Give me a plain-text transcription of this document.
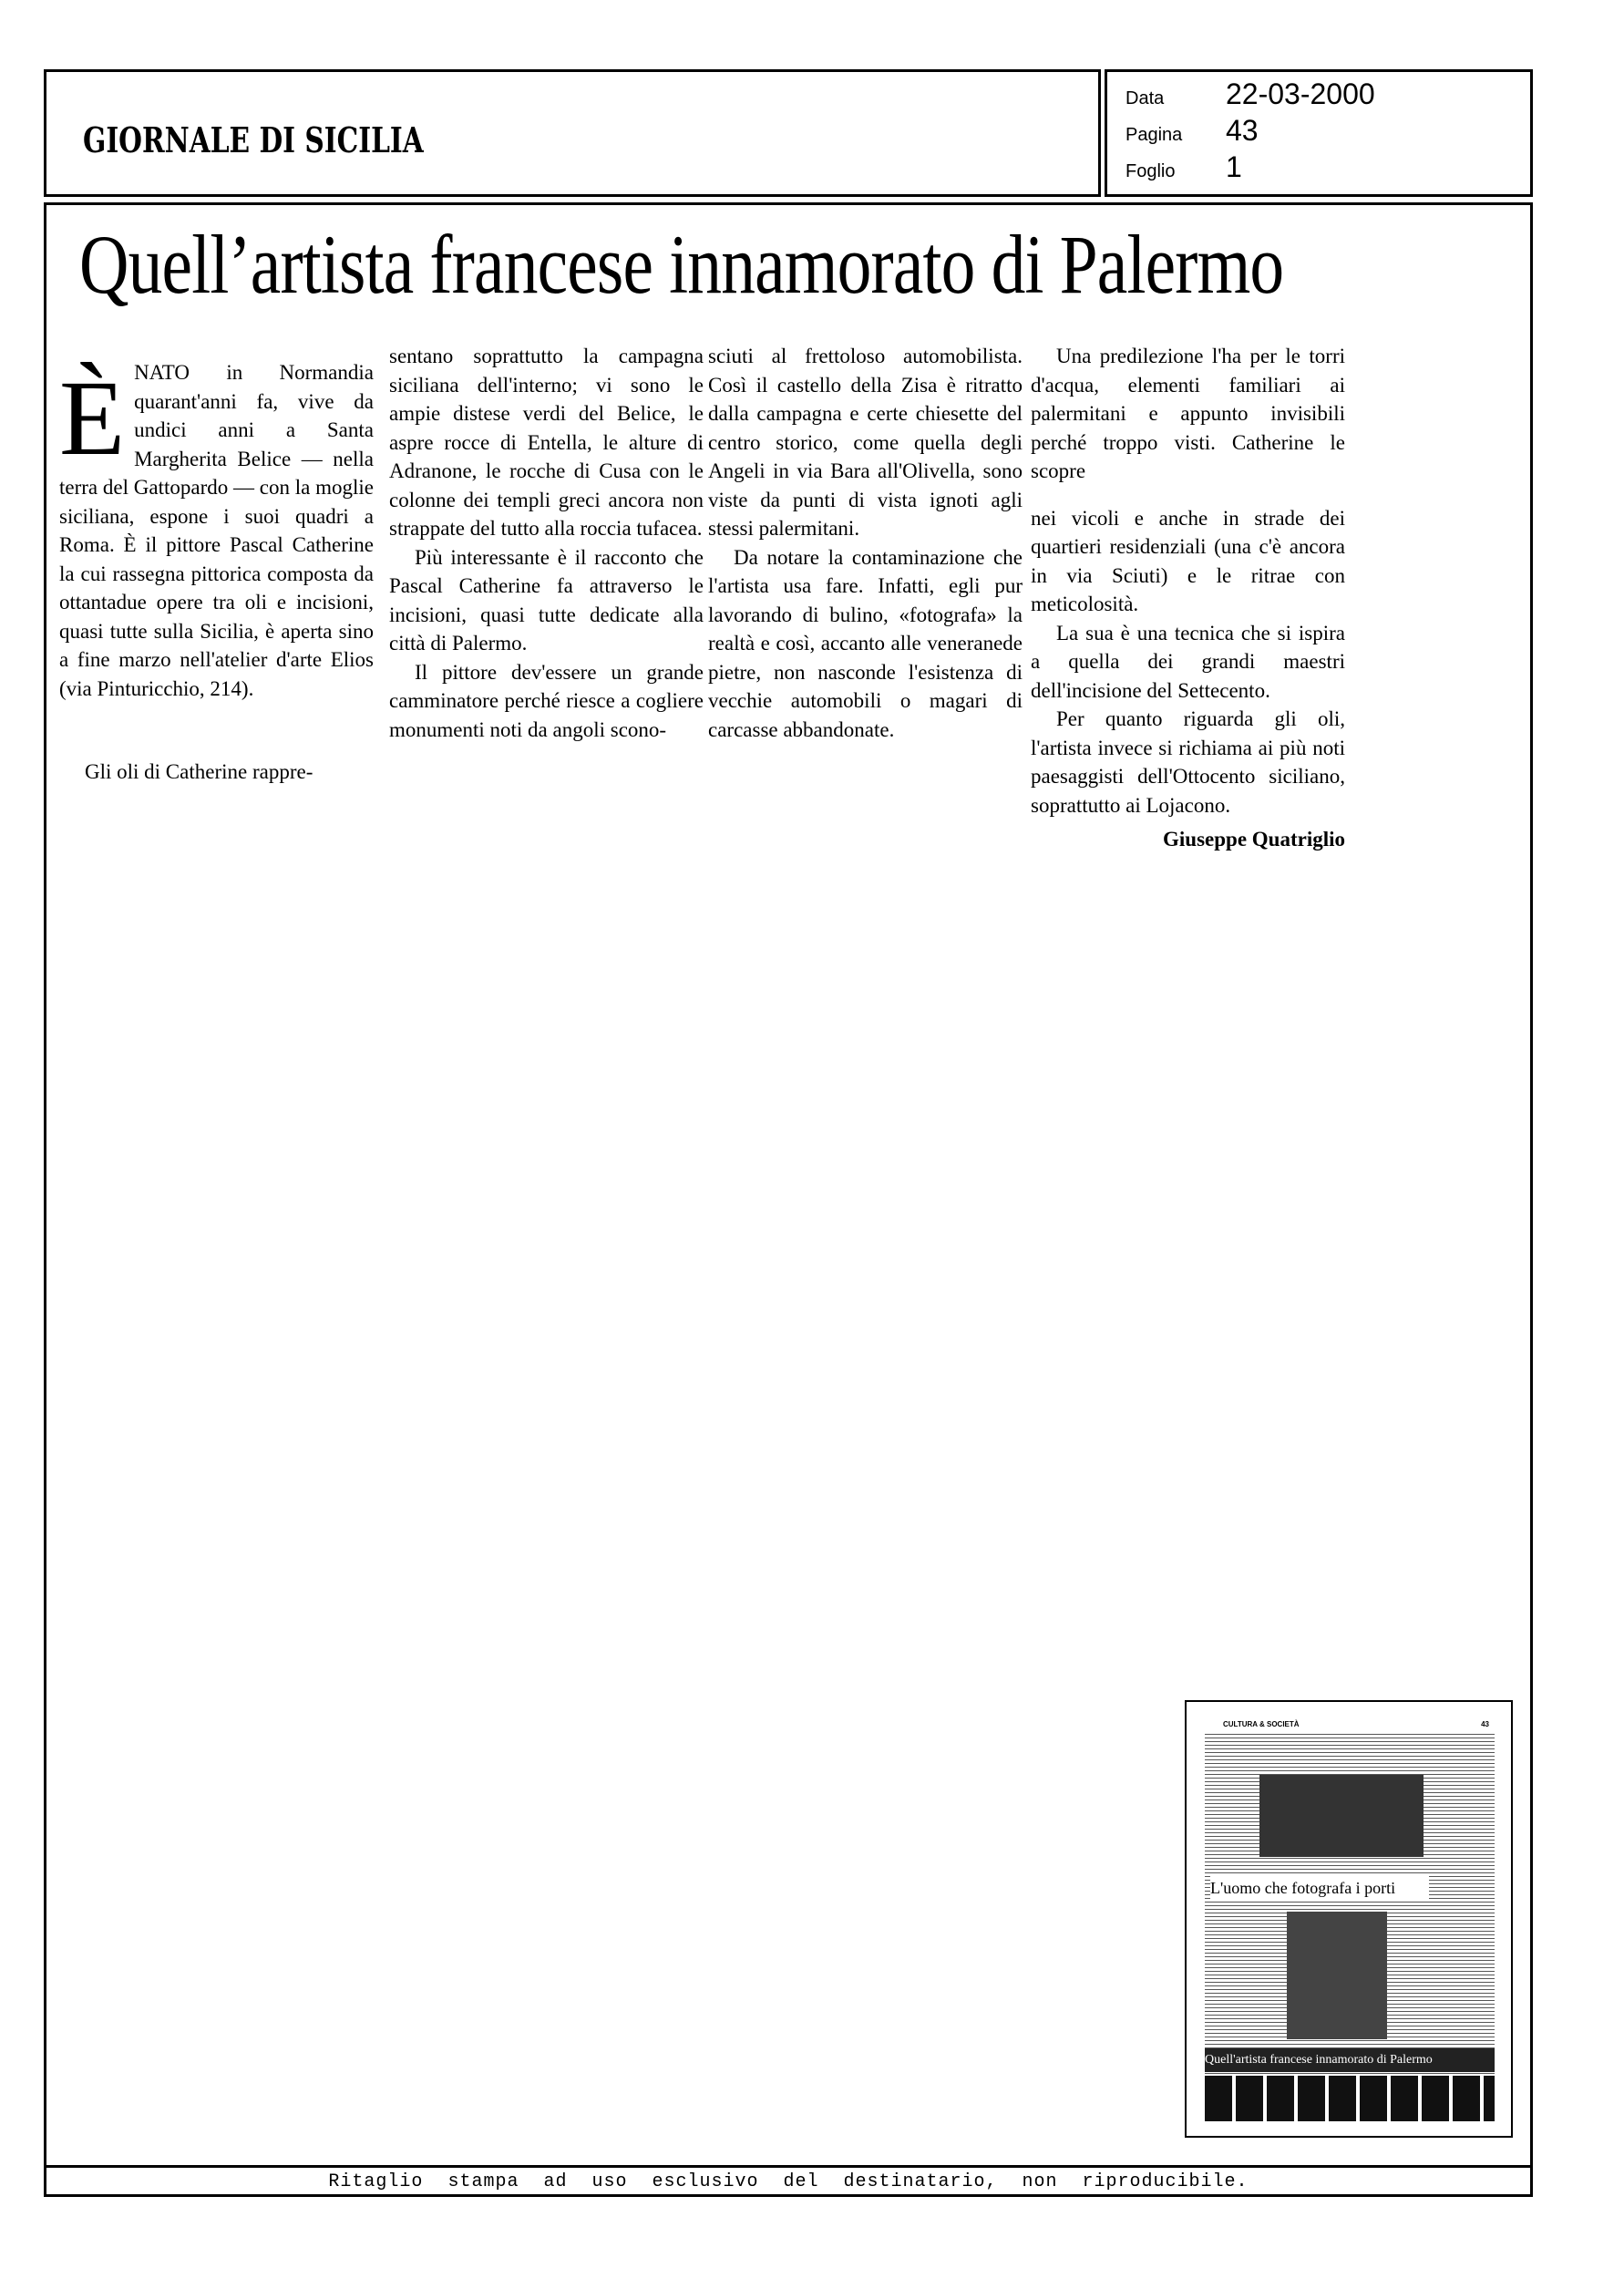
GIORNALE DI SICILIA
Data	22-03-2000
Pagina	43
Foglio	1
Quell’artista francese innamorato di Palermo

È NATO in Normandia quarant'anni fa, vive da undici anni a Santa Margherita Belice — nella terra del Gattopardo — con la moglie siciliana, espone i suoi quadri a Roma. È il pittore Pascal Catherine la cui rassegna pittorica composta da ottantadue opere tra oli e incisioni, quasi tutte sulla Sicilia, è aperta sino a fine marzo nell'atelier d'arte Elios (via Pinturicchio, 214).

Gli oli di Catherine rappre-

sentano soprattutto la campagna siciliana dell'interno; vi sono le ampie distese verdi del Belice, le aspre rocce di Entella, le alture di Adranone, le rocche di Cusa con le colonne dei templi greci ancora non strappate del tutto alla roccia tufacea.

Più interessante è il racconto che Pascal Catherine fa attraverso le incisioni, quasi tutte dedicate alla città di Palermo.

Il pittore dev'essere un grande camminatore perché riesce a cogliere monumenti noti da angoli scono-

sciuti al frettoloso automobilista. Così il castello della Zisa è ritratto dalla campagna e certe chiesette del centro storico, come quella degli Angeli in via Bara all'Olivella, sono viste da punti di vista ignoti agli stessi palermitani.

Da notare la contaminazione che l'artista usa fare. Infatti, egli pur lavorando di bulino, «fotografa» la realtà e così, accanto alle veneranede pietre, non nasconde l'esistenza di vecchie automobili o magari di carcasse abbandonate.

Una predilezione l'ha per le torri d'acqua, elementi familiari ai palermitani e appunto invisibili perché troppo visti. Catherine le scopre

nei vicoli e anche in strade dei quartieri residenziali (una c'è ancora in via Sciuti) e le ritrae con meticolosità.

La sua è una tecnica che si ispira a quella dei grandi maestri dell'incisione del Settecento.

Per quanto riguarda gli oli, l'artista invece si richiama ai più noti paesaggisti dell'Ottocento siciliano, soprattutto ai Lojacono.

Giuseppe Quatriglio
CULTURA & SOCIETÀ	43
L'uomo che fotografa i porti
Quell'artista francese innamorato di Palermo
Ritaglio stampa ad uso esclusivo del destinatario, non riproducibile.
